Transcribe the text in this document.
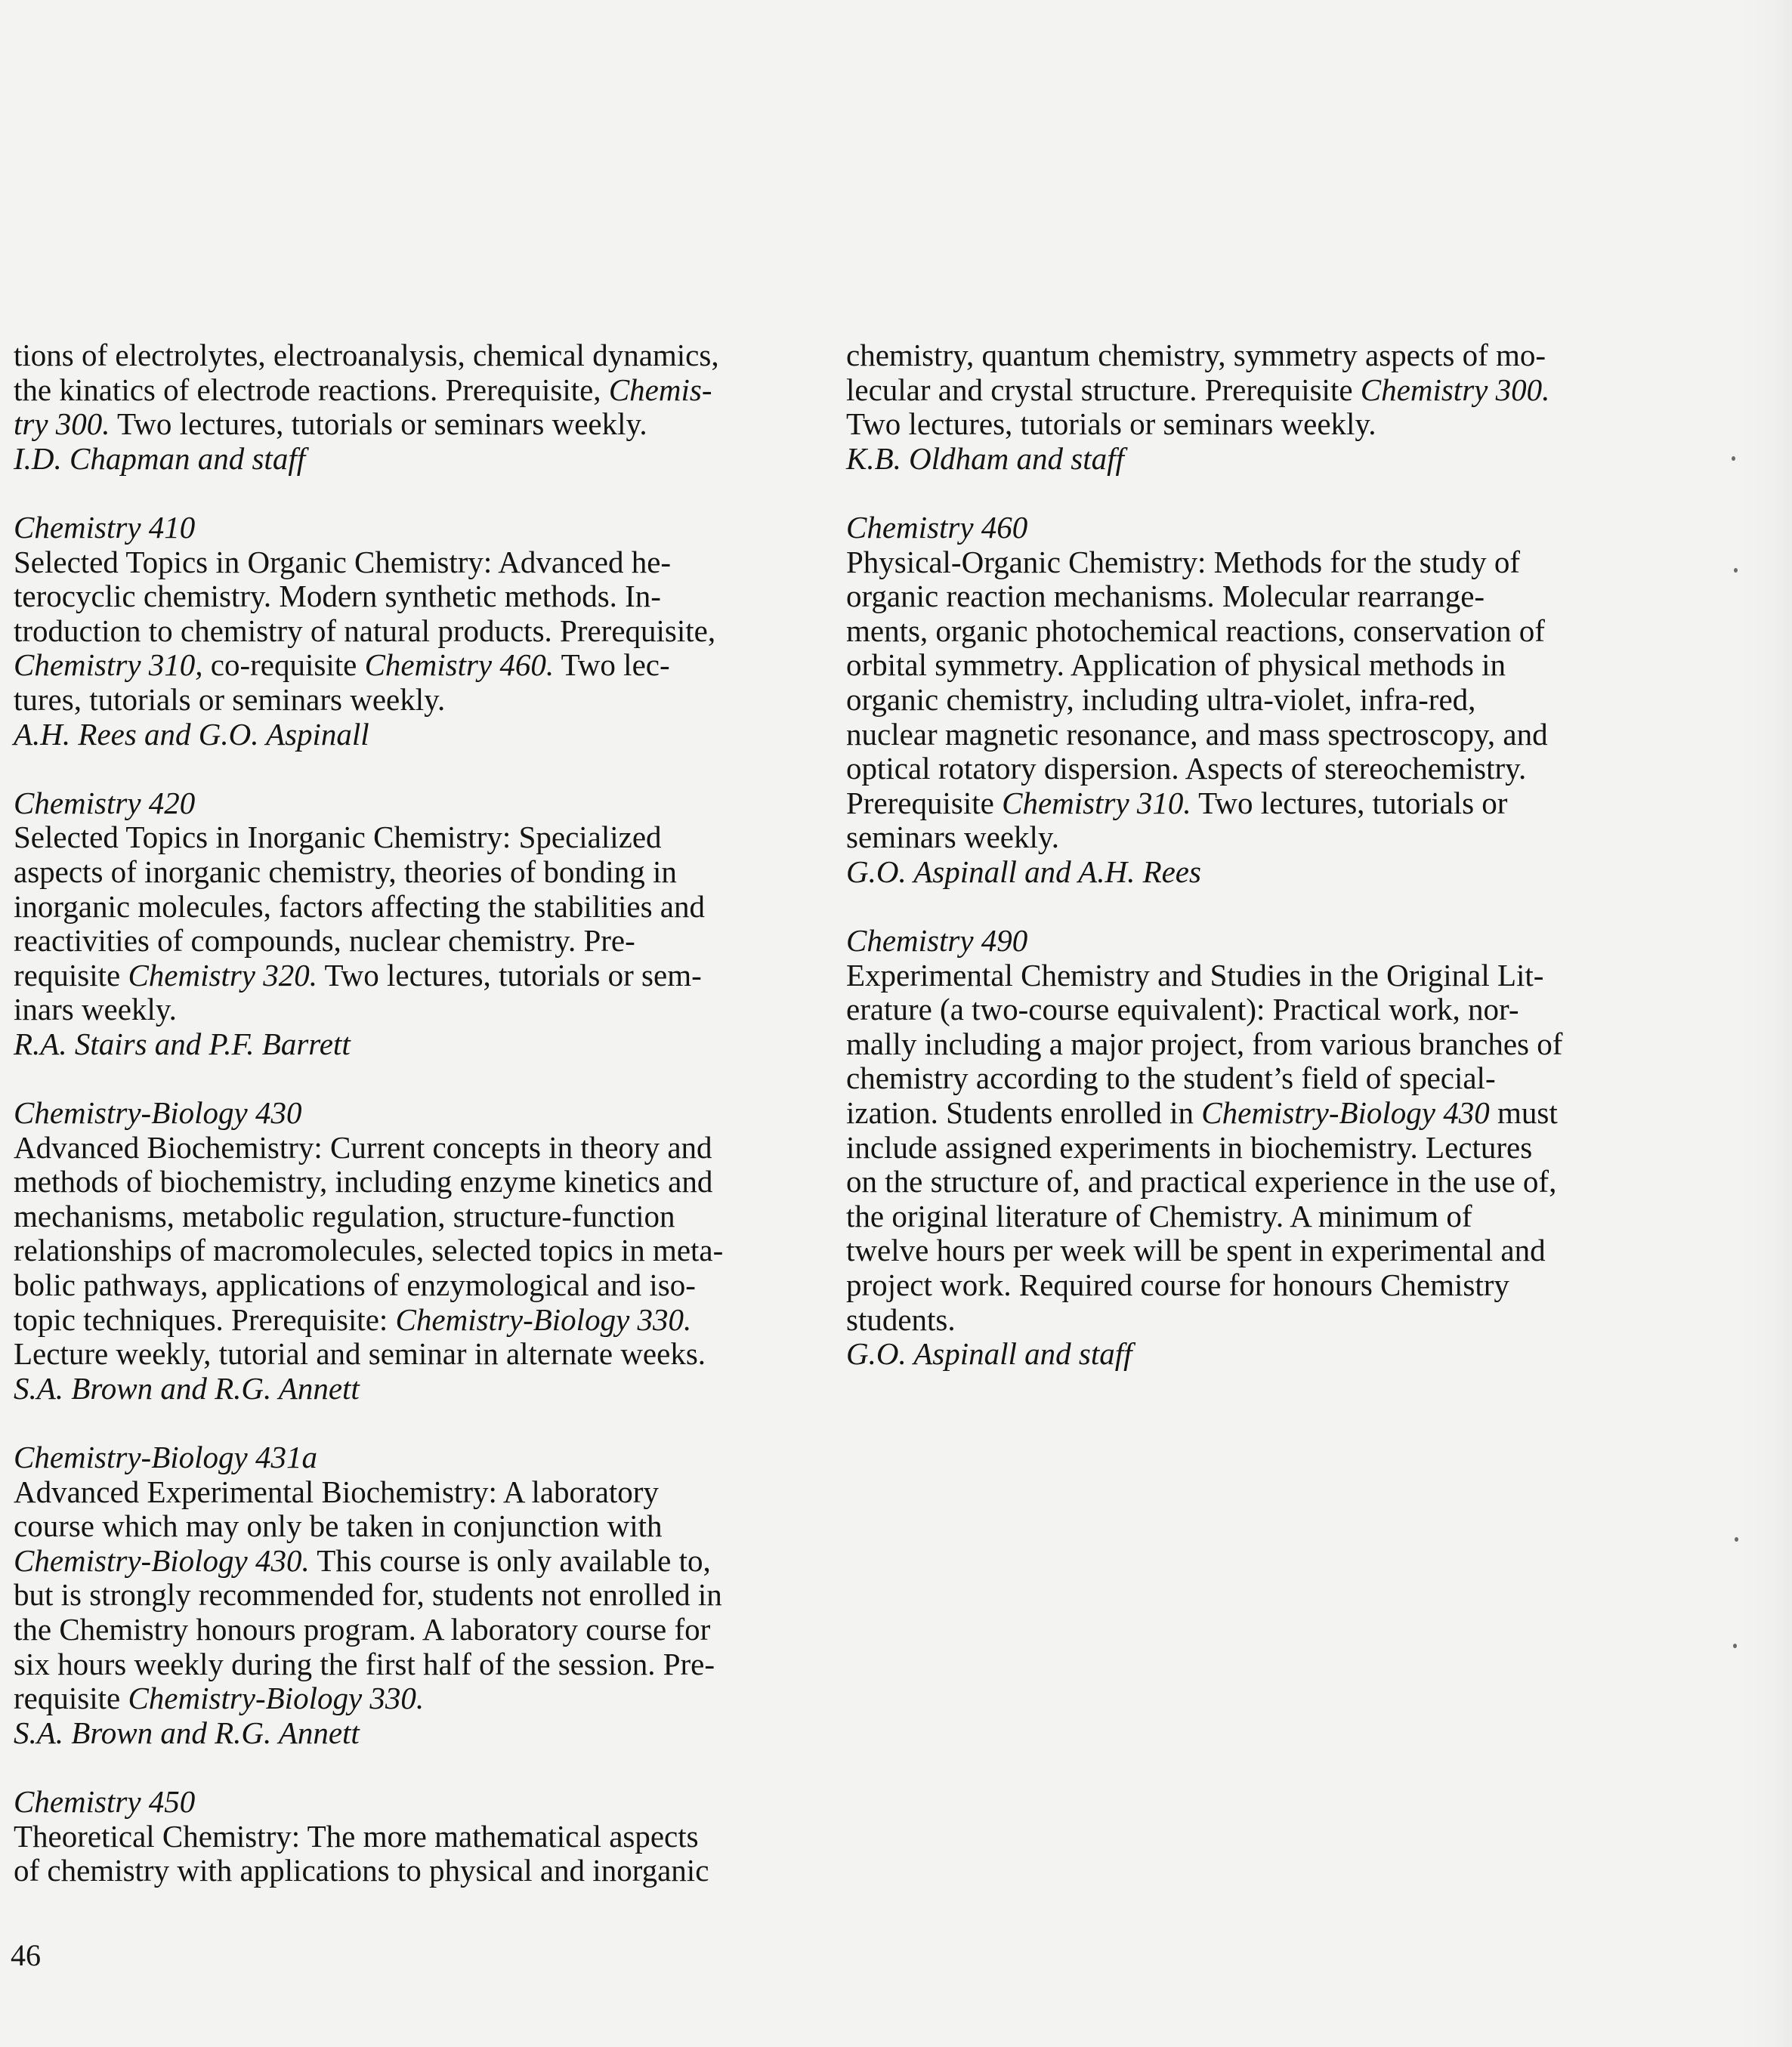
tions of electrolytes, electroanalysis, chemical dynamics,
the kinatics of electrode reactions. Prerequisite, Chemis-
try 300. Two lectures, tutorials or seminars weekly.
I.D. Chapman and staff
Chemistry 410
Selected Topics in Organic Chemistry: Advanced he-
terocyclic chemistry. Modern synthetic methods. In-
troduction to chemistry of natural products. Prerequisite,
Chemistry 310, co-requisite Chemistry 460. Two lec-
tures, tutorials or seminars weekly.
A.H. Rees and G.O. Aspinall
Chemistry 420
Selected Topics in Inorganic Chemistry: Specialized
aspects of inorganic chemistry, theories of bonding in
inorganic molecules, factors affecting the stabilities and
reactivities of compounds, nuclear chemistry. Pre-
requisite Chemistry 320. Two lectures, tutorials or sem-
inars weekly.
R.A. Stairs and P.F. Barrett
Chemistry-Biology 430
Advanced Biochemistry: Current concepts in theory and
methods of biochemistry, including enzyme kinetics and
mechanisms, metabolic regulation, structure-function
relationships of macromolecules, selected topics in meta-
bolic pathways, applications of enzymological and iso-
topic techniques. Prerequisite: Chemistry-Biology 330.
Lecture weekly, tutorial and seminar in alternate weeks.
S.A. Brown and R.G. Annett
Chemistry-Biology 431a
Advanced Experimental Biochemistry: A laboratory
course which may only be taken in conjunction with
Chemistry-Biology 430. This course is only available to,
but is strongly recommended for, students not enrolled in
the Chemistry honours program. A laboratory course for
six hours weekly during the first half of the session. Pre-
requisite Chemistry-Biology 330.
S.A. Brown and R.G. Annett
Chemistry 450
Theoretical Chemistry: The more mathematical aspects
of chemistry with applications to physical and inorganic
chemistry, quantum chemistry, symmetry aspects of mo-
lecular and crystal structure. Prerequisite Chemistry 300.
Two lectures, tutorials or seminars weekly.
K.B. Oldham and staff
Chemistry 460
Physical-Organic Chemistry: Methods for the study of
organic reaction mechanisms. Molecular rearrange-
ments, organic photochemical reactions, conservation of
orbital symmetry. Application of physical methods in
organic chemistry, including ultra-violet, infra-red,
nuclear magnetic resonance, and mass spectroscopy, and
optical rotatory dispersion. Aspects of stereochemistry.
Prerequisite Chemistry 310. Two lectures, tutorials or
seminars weekly.
G.O. Aspinall and A.H. Rees
Chemistry 490
Experimental Chemistry and Studies in the Original Lit-
erature (a two-course equivalent): Practical work, nor-
mally including a major project, from various branches of
chemistry according to the student’s field of special-
ization. Students enrolled in Chemistry-Biology 430 must
include assigned experiments in biochemistry. Lectures
on the structure of, and practical experience in the use of,
the original literature of Chemistry. A minimum of
twelve hours per week will be spent in experimental and
project work. Required course for honours Chemistry
students.
G.O. Aspinall and staff
46
